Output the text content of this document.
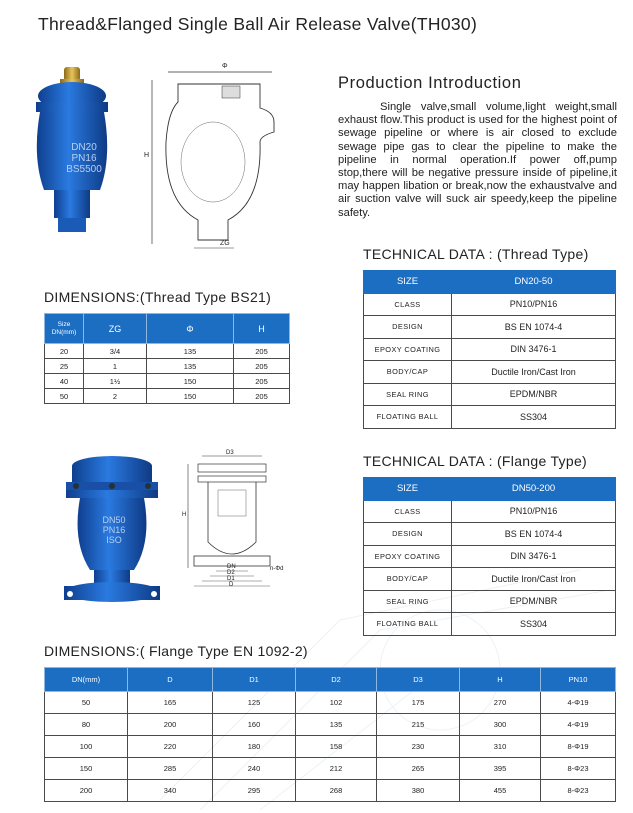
Thread&Flanged Single Ball Air Release Valve(TH030)
DN20
PN16
BS5500
Φ
H
ZG
Production Introduction

Single valve,small volume,light weight,small exhaust flow.This product is used for the highest point of sewage pipeline or where is air closed to exclude sewage pipe gas to clear the pipeline to make the pipeline in normal operation.If power off,pump stop,there will be negative pressure inside of pipeline,it may happen libation or break,now the exhaustvalve and air suction valve will suck air speedy,keep the pipeline safety.

TECHNICAL DATA : (Thread Type)
SIZE	DN20-50
CLASS	PN10/PN16
DESIGN	BS EN 1074-4
EPOXY COATING	DIN 3476-1
BODY/CAP	Ductile Iron/Cast Iron
SEAL RING	EPDM/NBR
FLOATING BALL	SS304
DIMENSIONS:(Thread Type BS21)
Size DN(mm)	ZG	Φ	H
20	3/4	135	205
25	1	135	205
40	1½	150	205
50	2	150	205
TECHNICAL DATA : (Flange Type)
SIZE	DN50-200
CLASS	PN10/PN16
DESIGN	BS EN 1074-4
EPOXY COATING	DIN 3476-1
BODY/CAP	Ductile Iron/Cast Iron
SEAL RING	EPDM/NBR
FLOATING BALL	SS304
DN50
PN16
ISO
D3
H
DN
D2
D1
D
n-Φd
DIMENSIONS:( Flange Type EN 1092-2)
DN(mm)	D	D1	D2	D3	H	PN10
50	165	125	102	175	270	4-Φ19
80	200	160	135	215	300	4-Φ19
100	220	180	158	230	310	8-Φ19
150	285	240	212	265	395	8-Φ23
200	340	295	268	380	455	8-Φ23
